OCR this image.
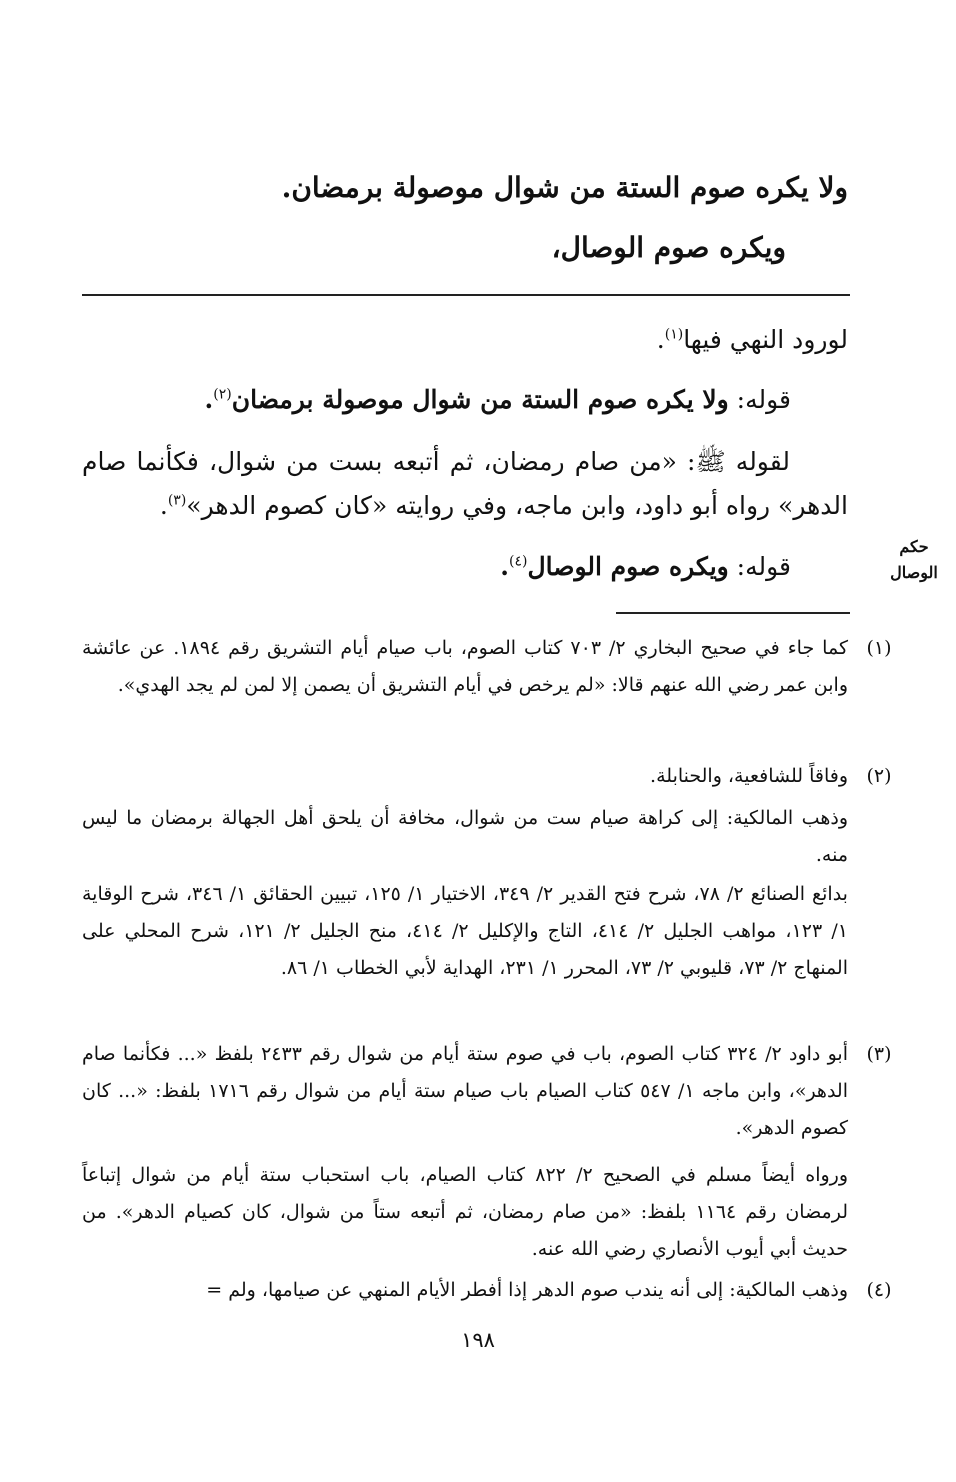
ولا يكره صوم الستة من شوال موصولة برمضان.
ويكره صوم الوصال،
لورود النهي فيها$^{(١)}$.
قوله: ولا يكره صوم الستة من شوال موصولة برمضان$^{(٢)}$.
لقوله ﷺ: «من صام رمضان، ثم أتبعه بست من شوال، فكأنما صام الدهر» رواه أبو داود، وابن ماجه، وفي روايته «كان كصوم الدهر»$^{(٣)}$.
قوله: ويكره صوم الوصال$^{(٤)}$.
حكم
الوصال
(١)
كما جاء في صحيح البخاري ٢/ ٧٠٣ كتاب الصوم، باب صيام أيام التشريق رقم ١٨٩٤. عن عائشة وابن عمر رضي الله عنهم قالا: «لم يرخص في أيام التشريق أن يصمن إلا لمن لم يجد الهدي».
(٢)
وفاقاً للشافعية، والحنابلة.
وذهب المالكية: إلى كراهة صيام ست من شوال، مخافة أن يلحق أهل الجهالة برمضان ما ليس منه.
بدائع الصنائع ٢/ ٧٨، شرح فتح القدير ٢/ ٣٤٩، الاختيار ١/ ١٢٥، تبيين الحقائق ١/ ٣٤٦، شرح الوقاية ١/ ١٢٣، مواهب الجليل ٢/ ٤١٤، التاج والإكليل ٢/ ٤١٤، منح الجليل ٢/ ١٢١، شرح المحلي على المنهاج ٢/ ٧٣، قليوبي ٢/ ٧٣، المحرر ١/ ٢٣١، الهداية لأبي الخطاب ١/ ٨٦.
(٣)
أبو داود ٢/ ٣٢٤ كتاب الصوم، باب في صوم ستة أيام من شوال رقم ٢٤٣٣ بلفظ «... فكأنما صام الدهر»، وابن ماجه ١/ ٥٤٧ كتاب الصيام باب صيام ستة أيام من شوال رقم ١٧١٦ بلفظ: «... كان كصوم الدهر».
ورواه أيضاً مسلم في الصحيح ٢/ ٨٢٢ كتاب الصيام، باب استحباب ستة أيام من شوال إتباعاً لرمضان رقم ١١٦٤ بلفظ: «من صام رمضان، ثم أتبعه ستاً من شوال، كان كصيام الدهر». من حديث أبي أيوب الأنصاري رضي الله عنه.
(٤)
وذهب المالكية: إلى أنه يندب صوم الدهر إذا أفطر الأيام المنهي عن صيامها، ولم =
١٩٨
